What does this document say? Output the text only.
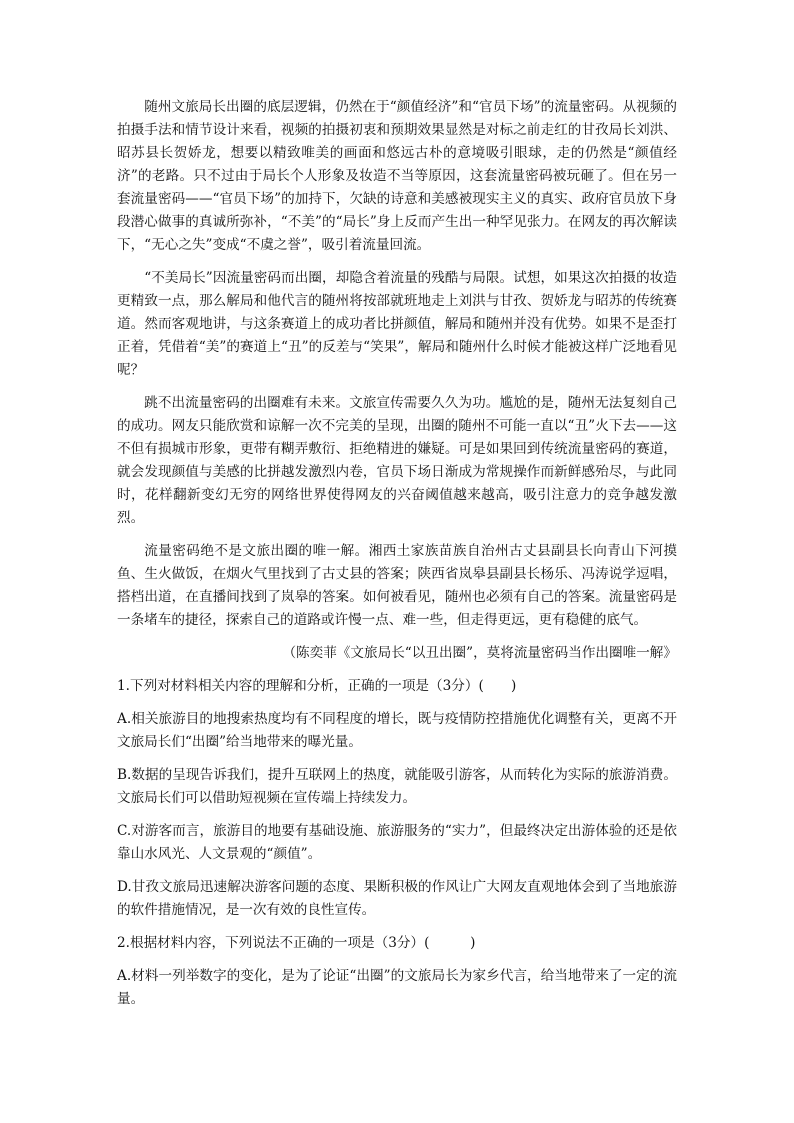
随州文旅局长出圈的底层逻辑，仍然在于“颜值经济”和“官员下场”的流量密码。从视频的拍摄手法和情节设计来看，视频的拍摄初衷和预期效果显然是对标之前走红的甘孜局长刘洪、昭苏县长贺娇龙，想要以精致唯美的画面和悠远古朴的意境吸引眼球，走的仍然是“颜值经济”的老路。只不过由于局长个人形象及妆造不当等原因，这套流量密码被玩砸了。但在另一套流量密码——“官员下场”的加持下，欠缺的诗意和美感被现实主义的真实、政府官员放下身段潜心做事的真诚所弥补，“不美”的“局长”身上反而产生出一种罕见张力。在网友的再次解读下，“无心之失”变成“不虞之誉”，吸引着流量回流。

“不美局长”因流量密码而出圈，却隐含着流量的残酷与局限。试想，如果这次拍摄的妆造更精致一点，那么解局和他代言的随州将按部就班地走上刘洪与甘孜、贺娇龙与昭苏的传统赛道。然而客观地讲，与这条赛道上的成功者比拼颜值，解局和随州并没有优势。如果不是歪打正着，凭借着“美”的赛道上“丑”的反差与“笑果”，解局和随州什么时候才能被这样广泛地看见呢？

跳不出流量密码的出圈难有未来。文旅宣传需要久久为功。尴尬的是，随州无法复刻自己的成功。网友只能欣赏和谅解一次不完美的呈现，出圈的随州不可能一直以“丑”火下去——这不但有损城市形象，更带有糊弄敷衍、拒绝精进的嫌疑。可是如果回到传统流量密码的赛道，就会发现颜值与美感的比拼越发激烈内卷，官员下场日渐成为常规操作而新鲜感殆尽，与此同时，花样翻新变幻无穷的网络世界使得网友的兴奋阈值越来越高，吸引注意力的竞争越发激烈。

流量密码绝不是文旅出圈的唯一解。湘西土家族苗族自治州古丈县副县长向青山下河摸鱼、生火做饭，在烟火气里找到了古丈县的答案；陕西省岚皋县副县长杨乐、冯涛说学逗唱，搭档出道，在直播间找到了岚皋的答案。如何被看见，随州也必须有自己的答案。流量密码是一条堵车的捷径，探索自己的道路或许慢一点、难一些，但走得更远，更有稳健的底气。

（陈奕菲《文旅局长“以丑出圈”，莫将流量密码当作出圈唯一解》

1.下列对材料相关内容的理解和分析，正确的一项是（3分）(　　)

A.相关旅游目的地搜索热度均有不同程度的增长，既与疫情防控措施优化调整有关，更离不开文旅局长们“出圈”给当地带来的曝光量。

B.数据的呈现告诉我们，提升互联网上的热度，就能吸引游客，从而转化为实际的旅游消费。文旅局长们可以借助短视频在宣传端上持续发力。

C.对游客而言，旅游目的地要有基础设施、旅游服务的“实力”，但最终决定出游体验的还是依靠山水风光、人文景观的“颜值”。

D.甘孜文旅局迅速解决游客问题的态度、果断积极的作风让广大网友直观地体会到了当地旅游的软件措施情况，是一次有效的良性宣传。

2.根据材料内容，下列说法不正确的一项是（3分）(　　　)

A.材料一列举数字的变化，是为了论证“出圈”的文旅局长为家乡代言，给当地带来了一定的流量。
